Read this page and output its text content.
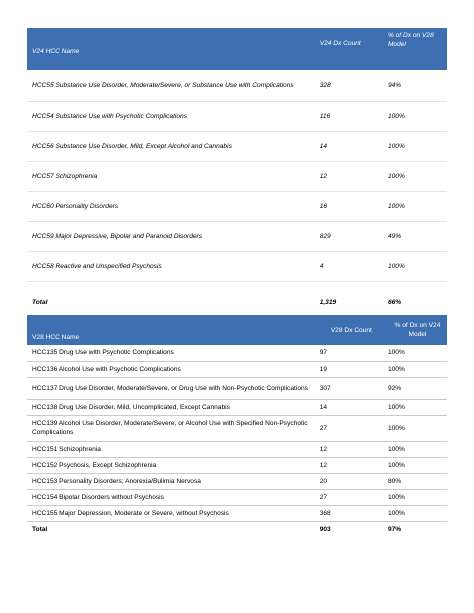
V24 HCC Name	V24 Dx Count	% of Dx on V28 Model
HCC55 Substance Use Disorder, Moderate/Severe, or Substance Use with Complications	328	94%
HCC54 Substance Use with Psychotic Complications	116	100%
HCC56 Substance Use Disorder, Mild, Except Alcohol and Cannabis	14	100%
HCC57 Schizophrenia	12	100%
HCC60 Personality Disorders	16	100%
HCC59 Major Depressive, Bipolar and Paranoid Disorders	829	49%
HCC58 Reactive and Unspecified Psychosis	4	100%
Total	1,319	66%
V28 HCC Name	V28 Dx Count	% of Dx on V24 Model
HCC135 Drug Use with Psychotic Complications	97	100%
HCC136 Alcohol Use with Psychotic Complications	19	100%
HCC137 Drug Use Disorder, Moderate/Severe, or Drug Use with Non-Psychotic Complications	307	92%
HCC138 Drug Use Disorder, Mild, Uncomplicated, Except Cannabis	14	100%
HCC139 Alcohol Use Disorder, Moderate/Severe, or Alcohol Use with Specified Non-Psychotic Complications	27	100%
HCC151 Schizophrenia	12	100%
HCC152 Psychosis, Except Schizophrenia	12	100%
HCC153 Personality Disorders; Anorexia/Bulimia Nervosa	20	80%
HCC154 Bipolar Disorders without Psychosis	27	100%
HCC155 Major Depression, Moderate or Severe, without Psychosis	368	100%
Total	903	97%
